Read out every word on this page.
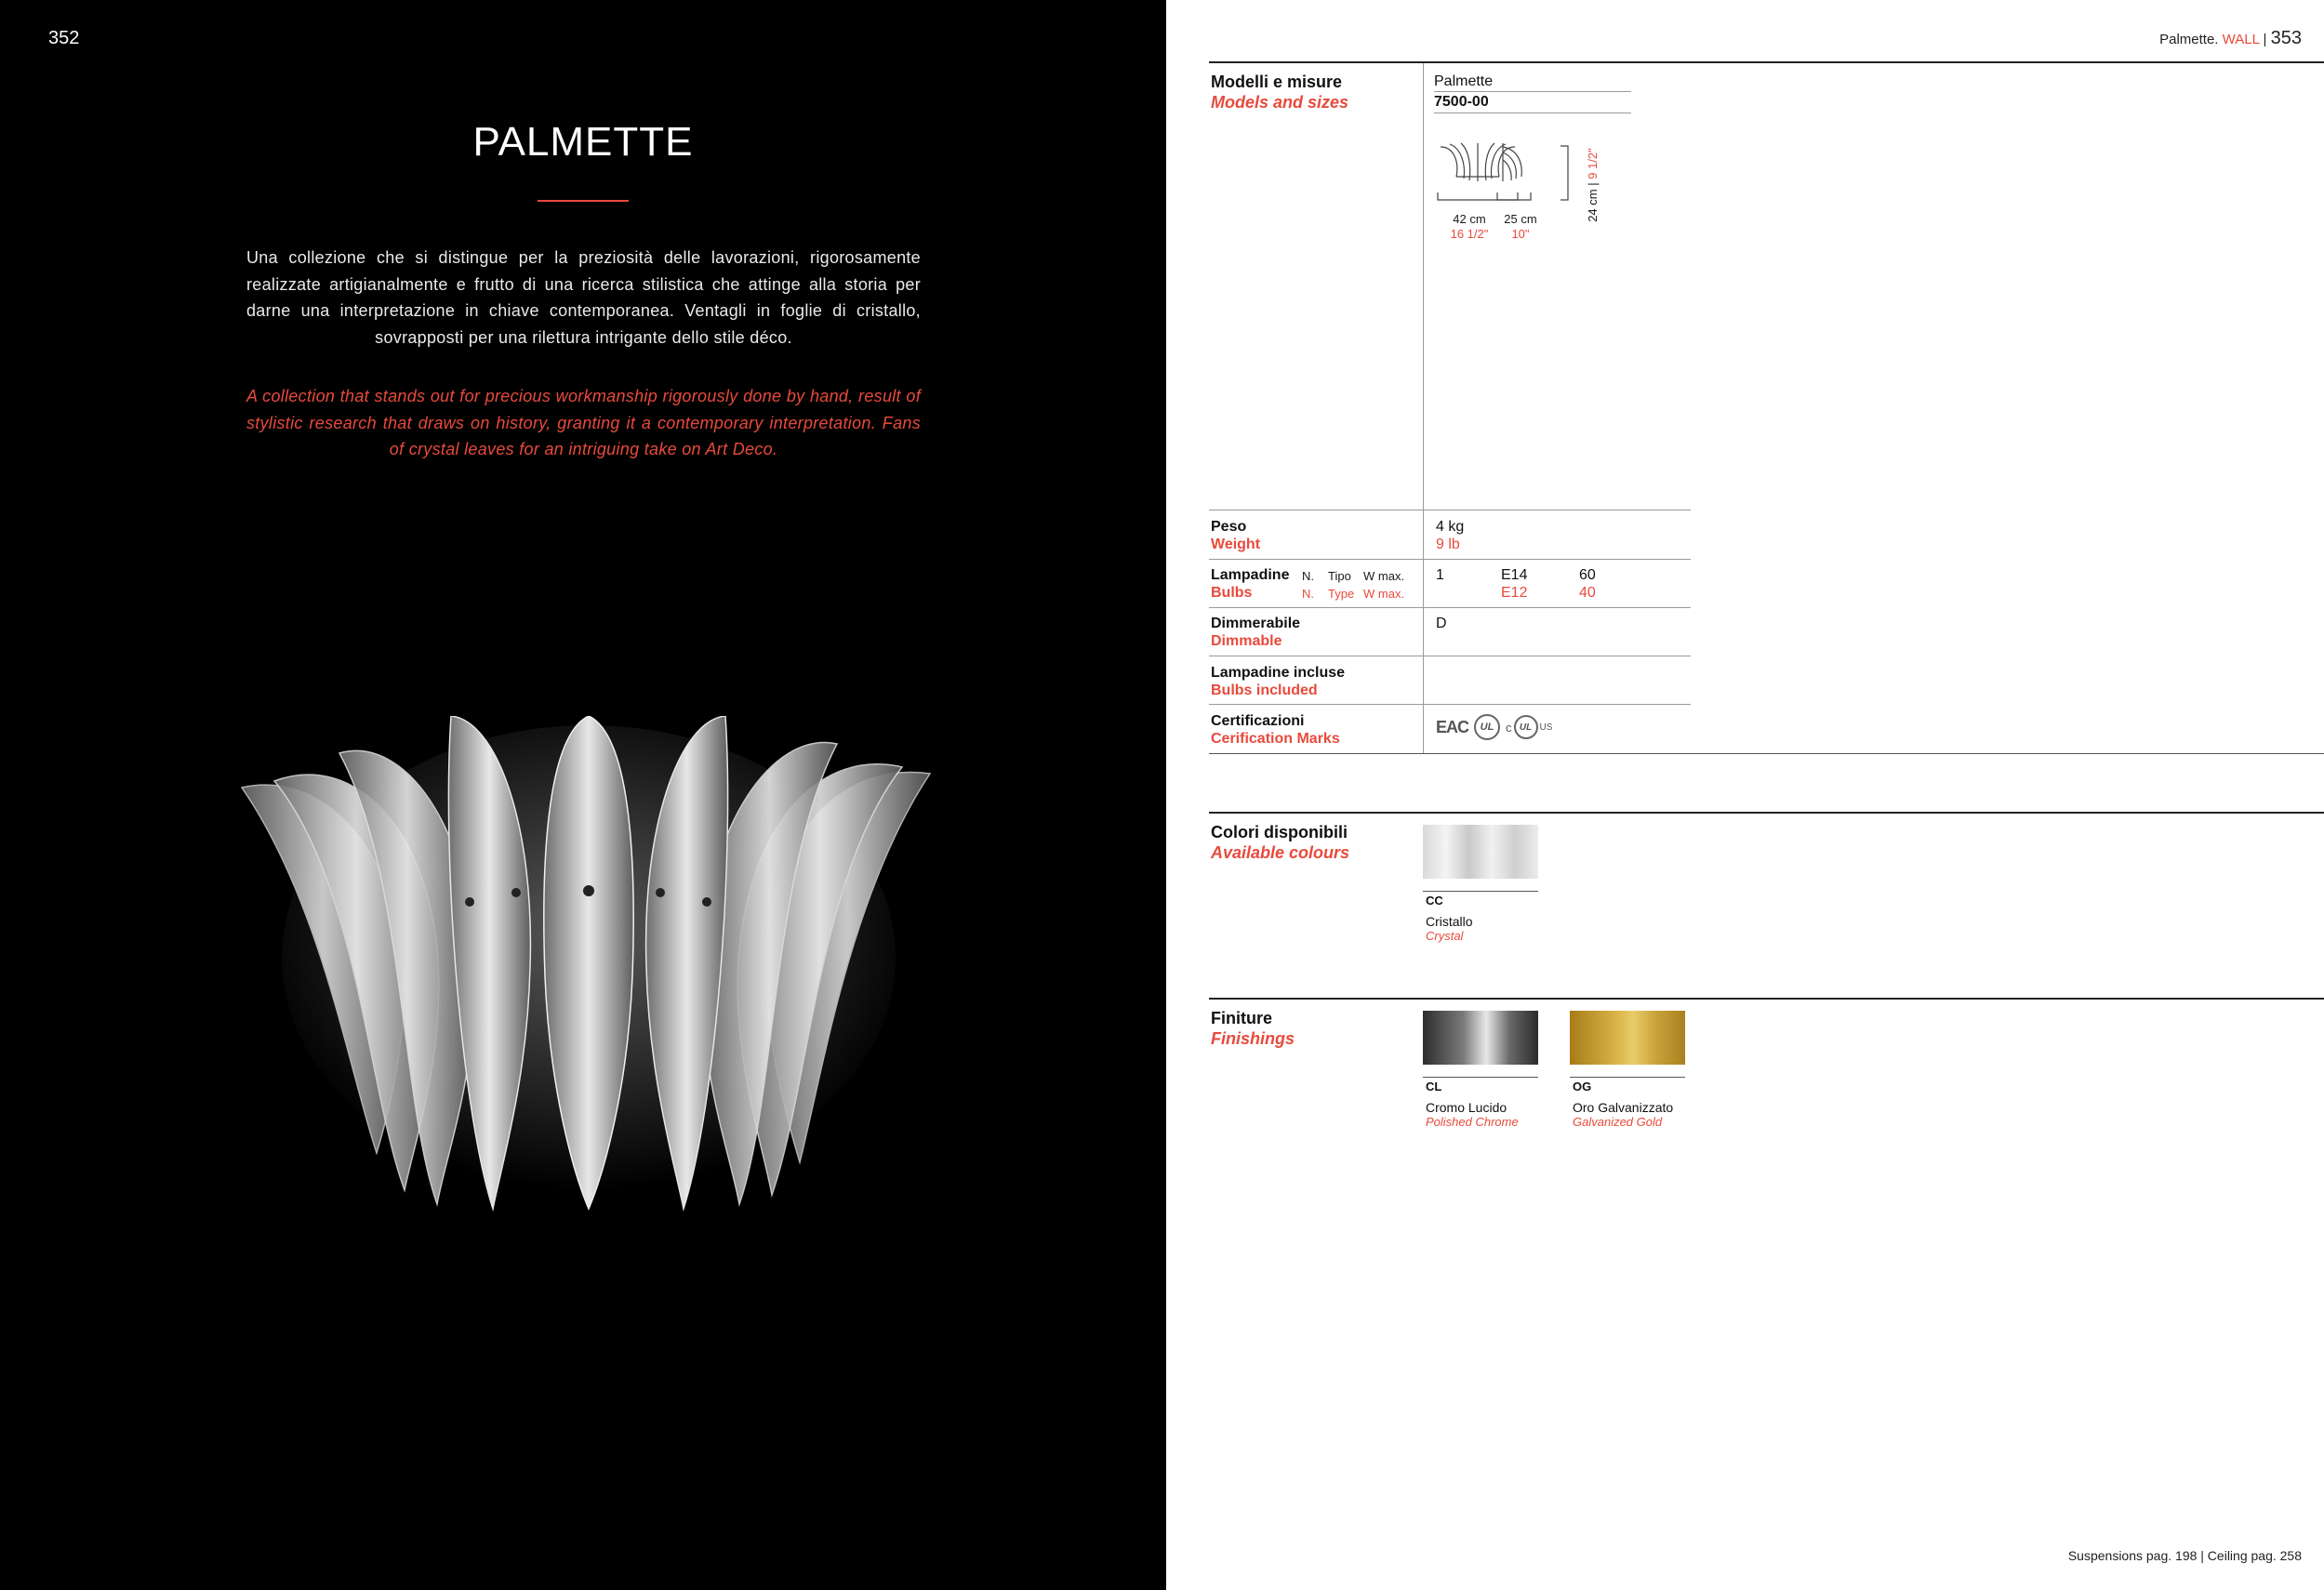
352
PALMETTE

Una collezione che si distingue per la preziosità delle lavorazioni, rigorosamente realizzate artigianalmente e frutto di una ricerca stilistica che attinge alla storia per darne una interpretazione in chiave contemporanea. Ventagli in foglie di cristallo, sovrapposti per una rilettura intrigante dello stile déco.

A collection that stands out for precious workmanship rigorously done by hand, result of stylistic research that draws on history, granting it a contemporary interpretation. Fans of crystal leaves for an intriguing take on Art Deco.

Palmette. WALL | 353
Modelli e misure
Models and sizes
Palmette
7500-00
42 cm
16 1/2"
25 cm
10"
24 cm | 9 1/2"
Peso
Weight
4 kg
9 lb
Lampadine
Bulbs
N.
N.
Tipo
Type
W max.
W max.
1	E14
E12
60
40
Dimmerabile
Dimmable
D
Lampadine incluse
Bulbs included
Certificazioni
Cerification Marks
EAC	UL c UL US
Colori disponibili
Available colours
CC
Cristallo
Crystal
Finiture
Finishings
CL
Cromo Lucido
Polished Chrome
OG
Oro Galvanizzato
Galvanized Gold
Suspensions pag. 198 | Ceiling pag. 258
